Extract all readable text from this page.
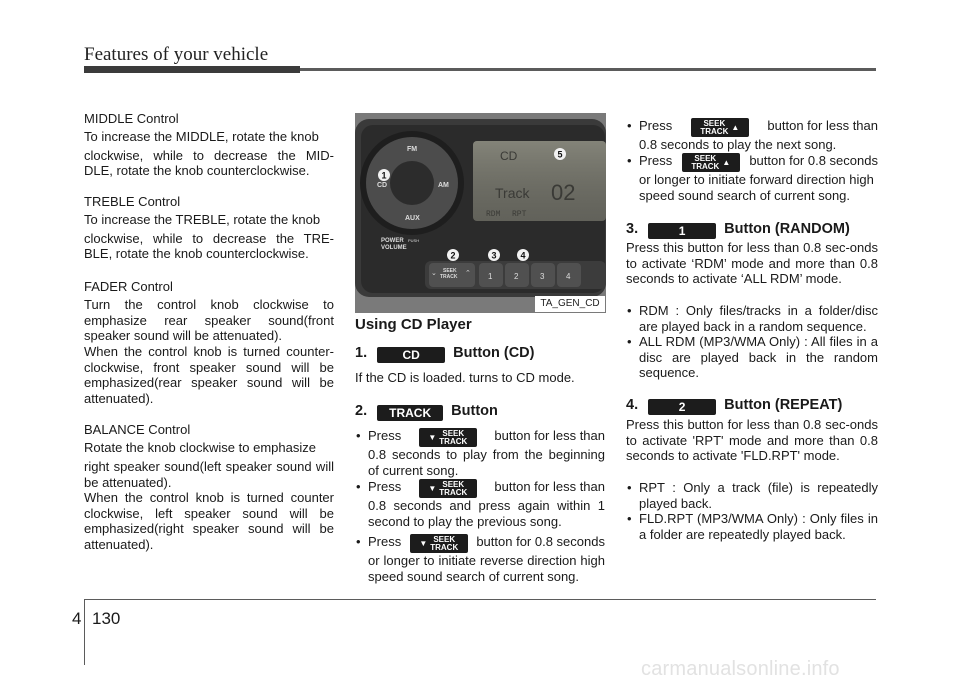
Features of your vehicle
MIDDLE Control
To increase the MIDDLE, rotate the knob
clockwise, while to decrease the MID-
DLE, rotate the knob counterclockwise.
TREBLE Control
To increase the TREBLE, rotate the knob
clockwise, while to decrease the TRE-
BLE, rotate the knob counterclockwise.
FADER Control
Turn the control knob clockwise to emphasize rear speaker sound(front speaker sound will be attenuated).
When the control knob is turned counter-clockwise, front speaker sound will be emphasized(rear speaker sound will be attenuated).
BALANCE Control
Rotate the knob clockwise to emphasize
right speaker sound(left speaker sound will be attenuated).
When the control knob is turned counter clockwise, left speaker sound will be emphasized(right speaker sound will be attenuated).
CD
Track 02
RDM RPT
FM
CD	AM
AUX
POWER PUSH
VOLUME
SEEK
TRACK
⌄	⌃ 1	2	3	4
1
2	3	4
5
TA_GEN_CD
Using CD Player
1.	CD Button (CD)
If the CD is loaded. turns to CD mode.
2. TRACK Button
• Press	▼ SEEK
TRACK button for less than
0.8 seconds to play from the beginning of current song.
• Press	▼ SEEK
TRACK button for less than
0.8 seconds and press again within 1 second to play the previous song.
• Press ▼ SEEK
TRACK button for 0.8 seconds
or longer to initiate reverse direction high speed sound search of current song.
• Press	SEEK
TRACK ▲ button for less than
0.8 seconds to play the next song.
• Press	SEEK
TRACK ▲ button for 0.8 seconds
or longer to initiate forward direction high speed sound search of current song.
3.	1	Button (RANDOM)
Press this button for less than 0.8 sec-onds to activate ‘RDM’ mode and more than 0.8 seconds to activate ‘ALL RDM’ mode.
• RDM : Only files/tracks in a folder/disc are played back in a random sequence.
• ALL RDM (MP3/WMA Only) : All files in a disc are played back in the random sequence.
4.	2	Button (REPEAT)
Press this button for less than 0.8 sec-onds to activate 'RPT' mode and more than 0.8 seconds to activate 'FLD.RPT' mode.
• RPT : Only a track (file) is repeatedly played back.
• FLD.RPT (MP3/WMA Only) : Only files in a folder are repeatedly played back.
4 130
carmanualsonline.info
